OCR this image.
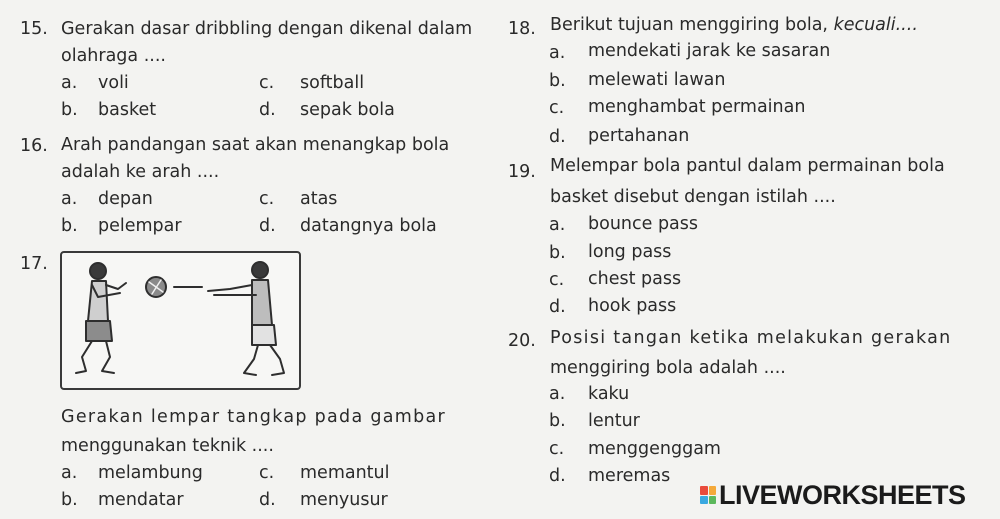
15. Gerakan dasar dribbling dengan dikenal dalam
olahraga ....
a. voli
b. basket
c. softball
d. sepak bola
16. Arah pandangan saat akan menangkap bola
adalah ke arah ....
a. depan
b. pelempar
c. atas
d. datangnya bola
17.
Gerakan lempar tangkap pada gambar
menggunakan teknik ....
a. melambung
b. mendatar
c. memantul
d. menyusur
18. Berikut tujuan menggiring bola, kecuali....
a. mendekati jarak ke sasaran
b. melewati lawan
c. menghambat permainan
d. pertahanan
19. Melempar bola pantul dalam permainan bola
basket disebut dengan istilah ....
a. bounce pass
b. long pass
c. chest pass
d. hook pass
20. Posisi tangan ketika melakukan gerakan
menggiring bola adalah ....
a. kaku
b. lentur
c. menggenggam
d. meremas
LIVEWORKSHEETS
